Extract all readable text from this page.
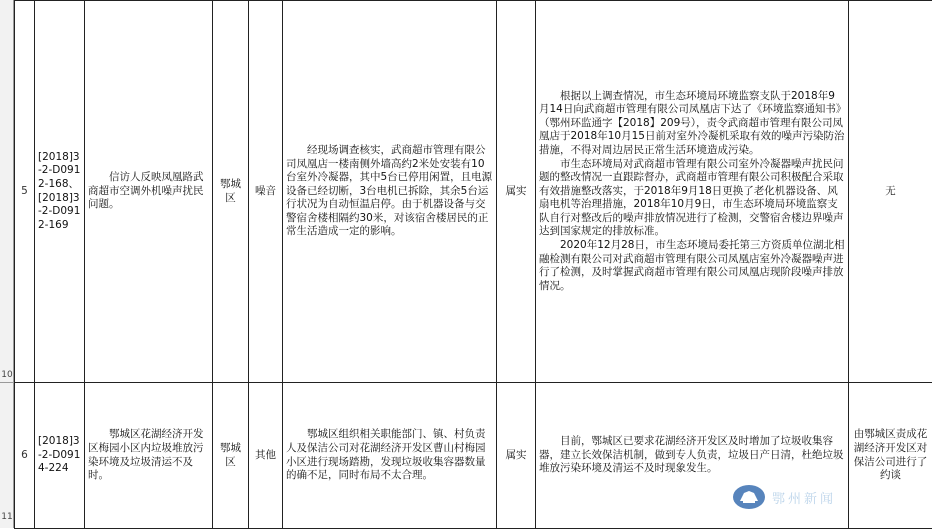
10
11
5	[2018]3-2-D0912-168、[2018]3-2-D0912-169	信访人反映凤凰路武商超市空调外机噪声扰民问题。	鄂城区	噪音	经现场调查核实，武商超市管理有限公司凤凰店一楼南侧外墙高约2米处安装有10台室外冷凝器，其中5台已停用闲置，且电源设备已经切断，3台电机已拆除，其余5台运行状况为自动恒温启停。由于机器设备与交警宿舍楼相隔约30米，对该宿舍楼居民的正常生活造成一定的影响。	属实	根据以上调查情况，市生态环境局环境监察支队于2018年9月14日向武商超市管理有限公司凤凰店下达了《环境监察通知书》（鄂州环监通字【2018】209号），责令武商超市管理有限公司凤凰店于2018年10月15日前对室外冷凝机采取有效的噪声污染防治措施，不得对周边居民正常生活环境造成污染。

市生态环境局对武商超市管理有限公司室外冷凝器噪声扰民问题的整改情况一直跟踪督办，武商超市管理有限公司积极配合采取有效措施整改落实，于2018年9月18日更换了老化机器设备、风扇电机等治理措施，2018年10月9日，市生态环境局环境监察支队自行对整改后的噪声排放情况进行了检测，交警宿舍楼边界噪声达到国家规定的排放标准。

2020年12月28日，市生态环境局委托第三方资质单位湖北相融检测有限公司对武商超市管理有限公司凤凰店室外冷凝器噪声进行了检测，及时掌握武商超市管理有限公司凤凰店现阶段噪声排放情况。	无
6	[2018]3-2-D0914-224	鄂城区花湖经济开发区梅园小区内垃圾堆放污染环境及垃圾清运不及时。	鄂城区	其他	鄂城区组织相关职能部门、镇、村负责人及保洁公司对花湖经济开发区曹山村梅园小区进行现场踏勘，发现垃圾收集容器数量的确不足，同时布局不太合理。	属实	目前，鄂城区已要求花湖经济开发区及时增加了垃圾收集容器，建立长效保洁机制，做到专人负责，垃圾日产日清，杜绝垃圾堆放污染环境及清运不及时现象发生。	由鄂城区责成花湖经济开发区对保洁公司进行了约谈
鄂州新闻
